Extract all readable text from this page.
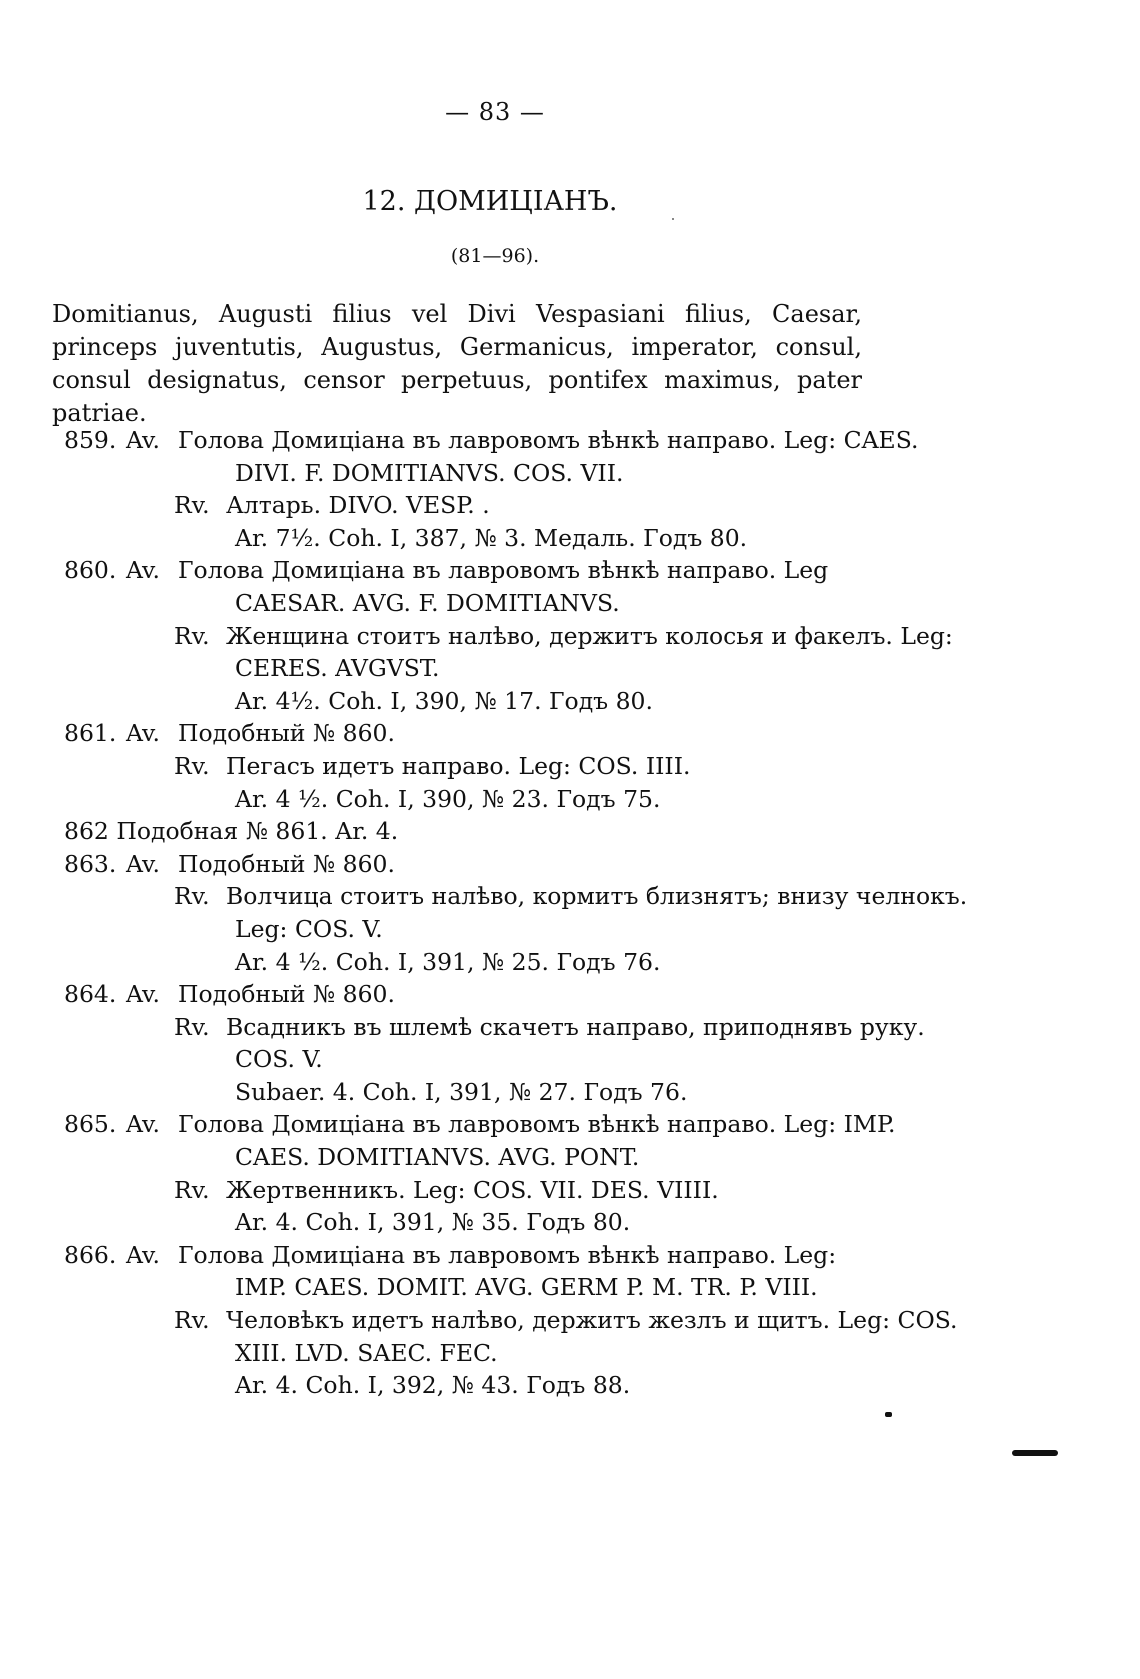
— 83 —
12. ДОМИЦІАНЪ.
(81—96).
Domitianus, Augusti filius vel Divi Vespasiani filius, Caesar, princeps juventutis, Augustus, Germanicus, imperator, consul, consul designatus, censor perpetuus, pontifex maximus, pater patriae.
859. Av. Голова Домиціана въ лавровомъ вѣнкѣ направо. Leg: CAES.
DIVI. F. DOMITIANVS. COS. VII.
Rv. Алтарь. DIVO. VESP. .
Ar. 7½. Coh. I, 387, № 3. Медаль. Годъ 80.
860. Av. Голова Домиціана въ лавровомъ вѣнкѣ направо. Leg
CAESAR. AVG. F. DOMITIANVS.
Rv. Женщина стоитъ налѣво, держитъ колосья и факелъ. Leg:
CERES. AVGVST.
Ar. 4½. Coh. I, 390, № 17. Годъ 80.
861. Av. Подобный № 860.
Rv. Пегасъ идетъ направо. Leg: COS. IIII.
Ar. 4 ½. Coh. I, 390, № 23. Годъ 75.
862 Подобная № 861. Ar. 4.
863. Av. Подобный № 860.
Rv. Волчица стоитъ налѣво, кормитъ близнятъ; внизу челнокъ.
Leg: COS. V.
Ar. 4 ½. Coh. I, 391, № 25. Годъ 76.
864. Av. Подобный № 860.
Rv. Всадникъ въ шлемѣ скачетъ направо, приподнявъ руку.
COS. V.
Subaer. 4. Coh. I, 391, № 27. Годъ 76.
865. Av. Голова Домиціана въ лавровомъ вѣнкѣ направо. Leg: IMP.
CAES. DOMITIANVS. AVG. PONT.
Rv. Жертвенникъ. Leg: COS. VII. DES. VIIII.
Ar. 4. Coh. I, 391, № 35. Годъ 80.
866. Av. Голова Домиціана въ лавровомъ вѣнкѣ направо. Leg:
IMP. CAES. DOMIT. AVG. GERM P. M. TR. P. VIII.
Rv. Человѣкъ идетъ налѣво, держитъ жезлъ и щитъ. Leg: COS.
XIII. LVD. SAEC. FEC.
Ar. 4. Coh. I, 392, № 43. Годъ 88.
